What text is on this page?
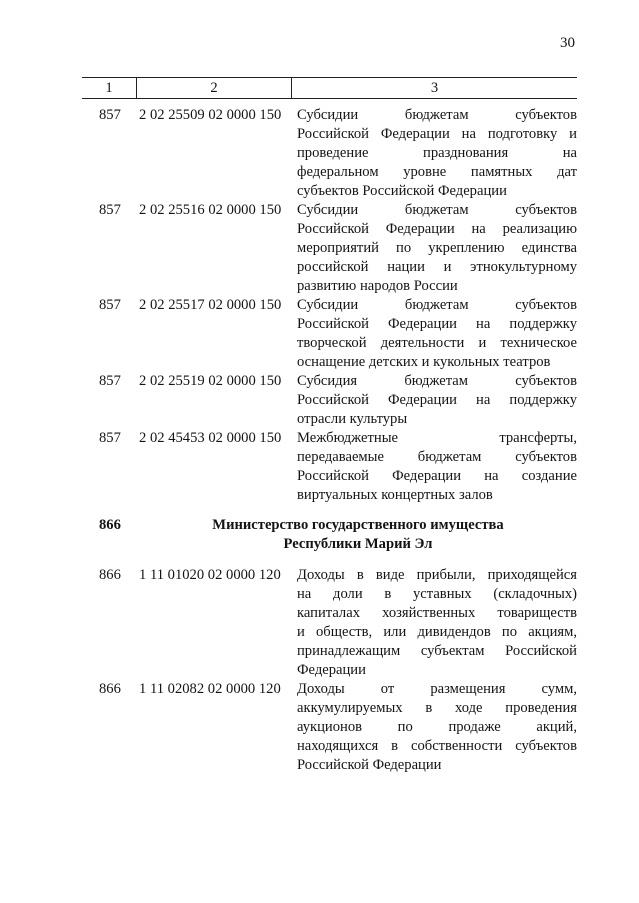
30
1	2	3
857	2 02 25509 02 0000 150	Субсидии бюджетам субъектов
Российской Федерации на подготовку и
проведение празднования на
федеральном уровне памятных дат
субъектов Российской Федерации
857	2 02 25516 02 0000 150	Субсидии бюджетам субъектов
Российской Федерации на реализацию
мероприятий по укреплению единства
российской нации и этнокультурному
развитию народов России
857	2 02 25517 02 0000 150	Субсидии бюджетам субъектов
Российской Федерации на поддержку
творческой деятельности и техническое
оснащение детских и кукольных театров
857	2 02 25519 02 0000 150	Субсидия бюджетам субъектов
Российской Федерации на поддержку
отрасли культуры
857	2 02 45453 02 0000 150	Межбюджетные трансферты,
передаваемые бюджетам субъектов
Российской Федерации на создание
виртуальных концертных залов
866	Министерство государственного имущества
Республики Марий Эл
866	1 11 01020 02 0000 120	Доходы в виде прибыли, приходящейся
на доли в уставных (складочных)
капиталах хозяйственных товариществ
и обществ, или дивидендов по акциям,
принадлежащим субъектам Российской
Федерации
866	1 11 02082 02 0000 120	Доходы от размещения сумм,
аккумулируемых в ходе проведения
аукционов по продаже акций,
находящихся в собственности субъектов
Российской Федерации
